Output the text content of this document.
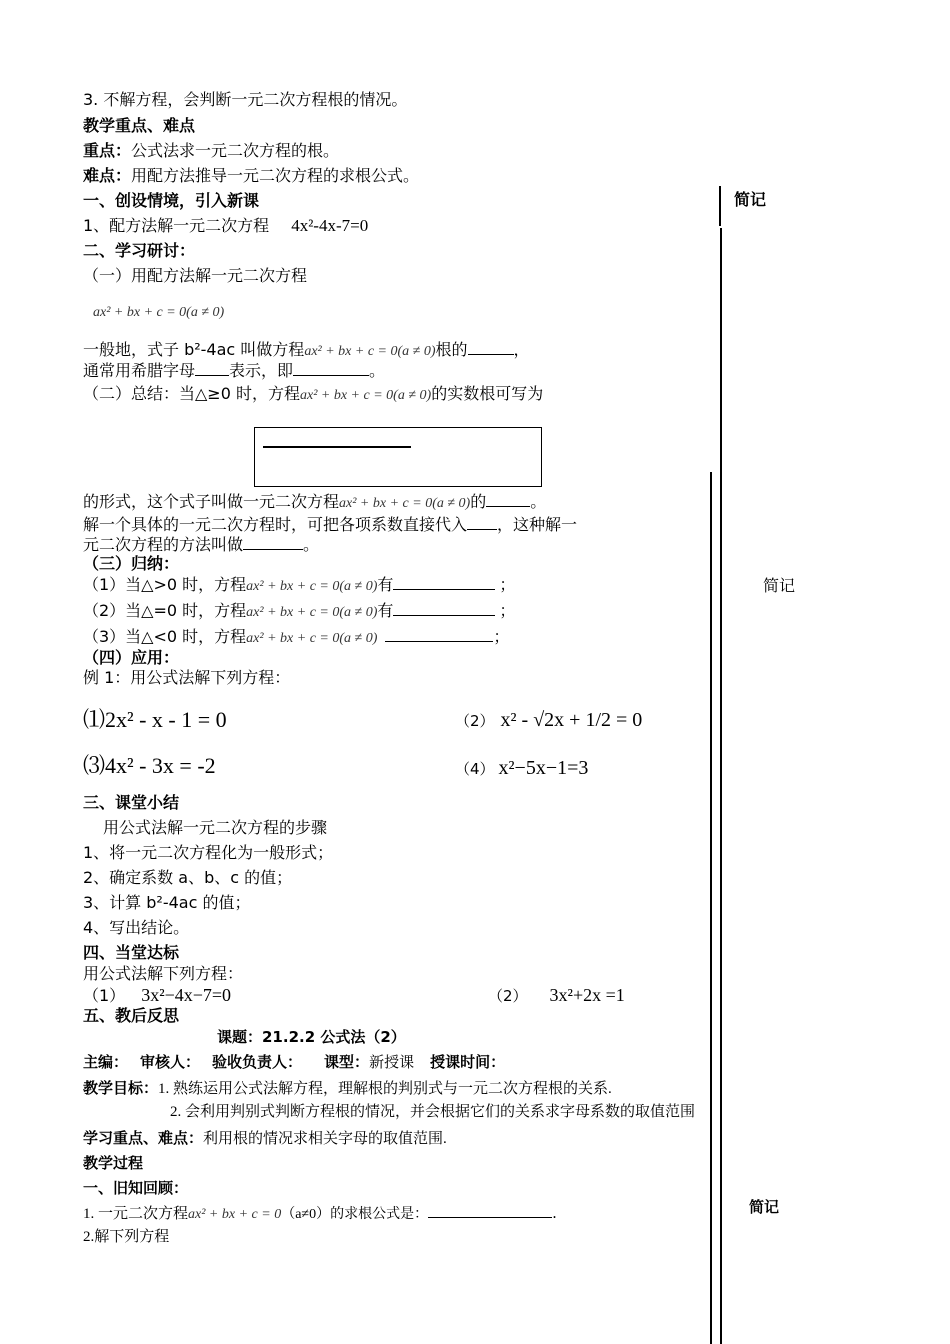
3. 不解方程，会判断一元二次方程根的情况。
教学重点、难点
重点：公式法求一元二次方程的根。
难点：用配方法推导一元二次方程的求根公式。
一、创设情境，引入新课	简记
1、配方法解一元二次方程 4x²-4x-7=0
二、学习研讨：
（一）用配方法解一元二次方程
ax² + bx + c = 0(a ≠ 0)
一般地，式子 b²-4ac 叫做方程ax² + bx + c = 0(a ≠ 0)根的	，
通常用希腊字母 表示，即	。
（二）总结：当△≥0 时，方程ax² + bx + c = 0(a ≠ 0)的实数根可写为
的形式，这个式子叫做一元二次方程ax² + bx + c = 0(a ≠ 0)的	。
解一个具体的一元二次方程时，可把各项系数直接代入 ，这种解一
元二次方程的方法叫做	。
（三）归纳：
简记
（1）当△>0 时，方程ax² + bx + c = 0(a ≠ 0)有	；
（2）当△=0 时，方程ax² + bx + c = 0(a ≠ 0)有	；
（3）当△<0 时，方程ax² + bx + c = 0(a ≠ 0)	；
（四）应用：
例 1：用公式法解下列方程：
⑴2x² - x - 1 = 0	（2） x² - √2x + 1/2 = 0
⑶4x² - 3x = -2	（4） x²−5x−1=3
三、课堂小结
用公式法解一元二次方程的步骤
1、将一元二次方程化为一般形式；
2、确定系数 a、b、c 的值；
3、计算 b²-4ac 的值；
4、写出结论。
四、当堂达标
用公式法解下列方程：
（1） 3x²−4x−7=0	（2） 3x²+2x =1
五、教后反思
课题：21.2.2 公式法（2）
主编： 审核人： 验收负责人： 课型：新授课 授课时间：
教学目标：1. 熟练运用公式法解方程，理解根的判别式与一元二次方程根的关系.
2. 会利用判别式判断方程根的情况，并会根据它们的关系求字母系数的取值范围
学习重点、难点：利用根的情况求相关字母的取值范围.
教学过程
一、旧知回顾：
简记
1. 一元二次方程ax² + bx + c = 0（a≠0）的求根公式是：	.
2.解下列方程
